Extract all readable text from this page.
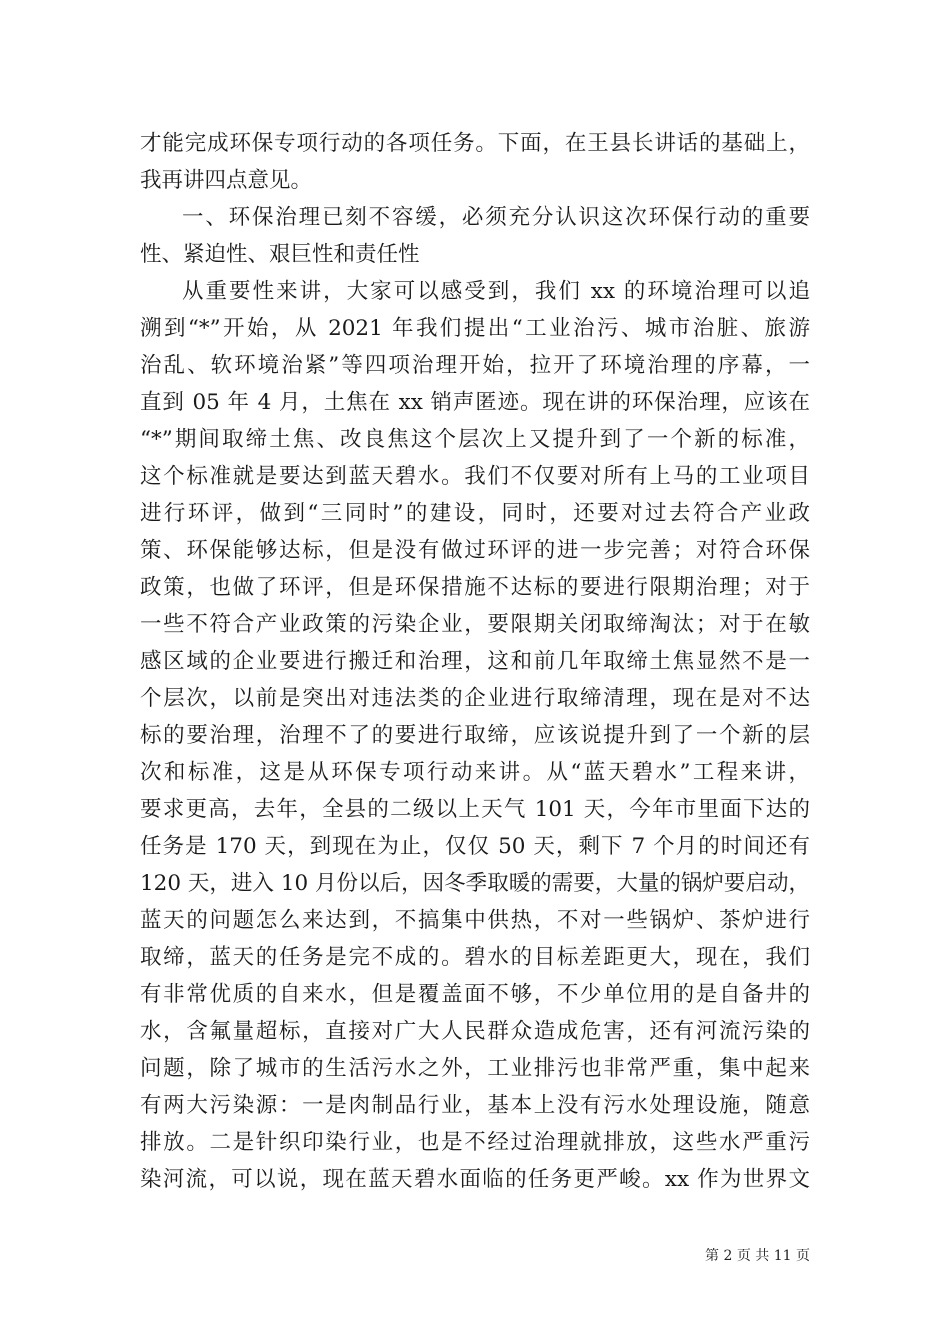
才能完成环保专项行动的各项任务。下面，在王县长讲话的基础上，
我再讲四点意见。
一、环保治理已刻不容缓，必须充分认识这次环保行动的重要
性、紧迫性、艰巨性和责任性
从重要性来讲，大家可以感受到，我们 xx 的环境治理可以追
溯到“*”开始，从 2021 年我们提出“工业治污、城市治脏、旅游
治乱、软环境治紧”等四项治理开始，拉开了环境治理的序幕，一
直到 05 年 4 月，土焦在 xx 销声匿迹。现在讲的环保治理，应该在
“*”期间取缔土焦、改良焦这个层次上又提升到了一个新的标准，
这个标准就是要达到蓝天碧水。我们不仅要对所有上马的工业项目
进行环评，做到“三同时”的建设，同时，还要对过去符合产业政
策、环保能够达标，但是没有做过环评的进一步完善；对符合环保
政策，也做了环评，但是环保措施不达标的要进行限期治理；对于
一些不符合产业政策的污染企业，要限期关闭取缔淘汰；对于在敏
感区域的企业要进行搬迁和治理，这和前几年取缔土焦显然不是一
个层次，以前是突出对违法类的企业进行取缔清理，现在是对不达
标的要治理，治理不了的要进行取缔，应该说提升到了一个新的层
次和标准，这是从环保专项行动来讲。从“蓝天碧水”工程来讲，
要求更高，去年，全县的二级以上天气 101 天，今年市里面下达的
任务是 170 天，到现在为止，仅仅 50 天，剩下 7 个月的时间还有
120 天，进入 10 月份以后，因冬季取暖的需要，大量的锅炉要启动，
蓝天的问题怎么来达到，不搞集中供热，不对一些锅炉、茶炉进行
取缔，蓝天的任务是完不成的。碧水的目标差距更大，现在，我们
有非常优质的自来水，但是覆盖面不够，不少单位用的是自备井的
水，含氟量超标，直接对广大人民群众造成危害，还有河流污染的
问题，除了城市的生活污水之外，工业排污也非常严重，集中起来
有两大污染源：一是肉制品行业，基本上没有污水处理设施，随意
排放。二是针织印染行业，也是不经过治理就排放，这些水严重污
染河流，可以说，现在蓝天碧水面临的任务更严峻。xx 作为世界文
第 2 页 共 11 页
